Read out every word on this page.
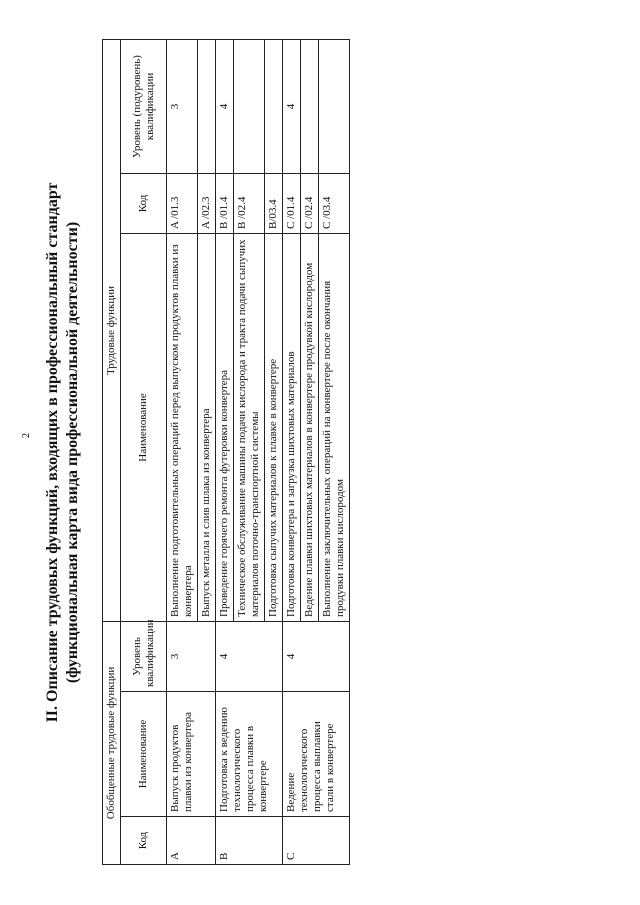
2 II. Описание трудовых функций, входящих в профессиональный стандарт (функциональная карта вида профессиональной деятельности)
Обобщенные трудовые функции			Трудовые функции		
Код	Наименование	Уровень квалификации	Наименование	Код	Уровень (подуровень) квалификации
A	Выпуск продуктов плавки из конвертера	3	Выполнение подготовительных операций перед выпуском продуктов плавки из конвертера	A /01.3	3
			Выпуск металла и слив шлака из конвертера	A /02.3	
B	Подготовка к ведению технологического процесса плавки в конвертере	4	Проведение горячего ремонта футеровки конвертера	B /01.4	4
			Техническое обслуживание машины подачи кислорода и тракта подачи сыпучих материалов поточно-транспортной системы	B /02.4	
			Подготовка сыпучих материалов к плавке в конвертере	B/03.4	
C	Ведение технологического процесса выплавки стали в конвертере	4	Подготовка конвертера и загрузка шихтовых материалов	C /01.4	4
			Ведение плавки шихтовых материалов в конвертере продувкой кислородом	C /02.4	
			Выполнение заключительных операций на конвертере после окончания продувки плавки кислородом	C /03.4	
